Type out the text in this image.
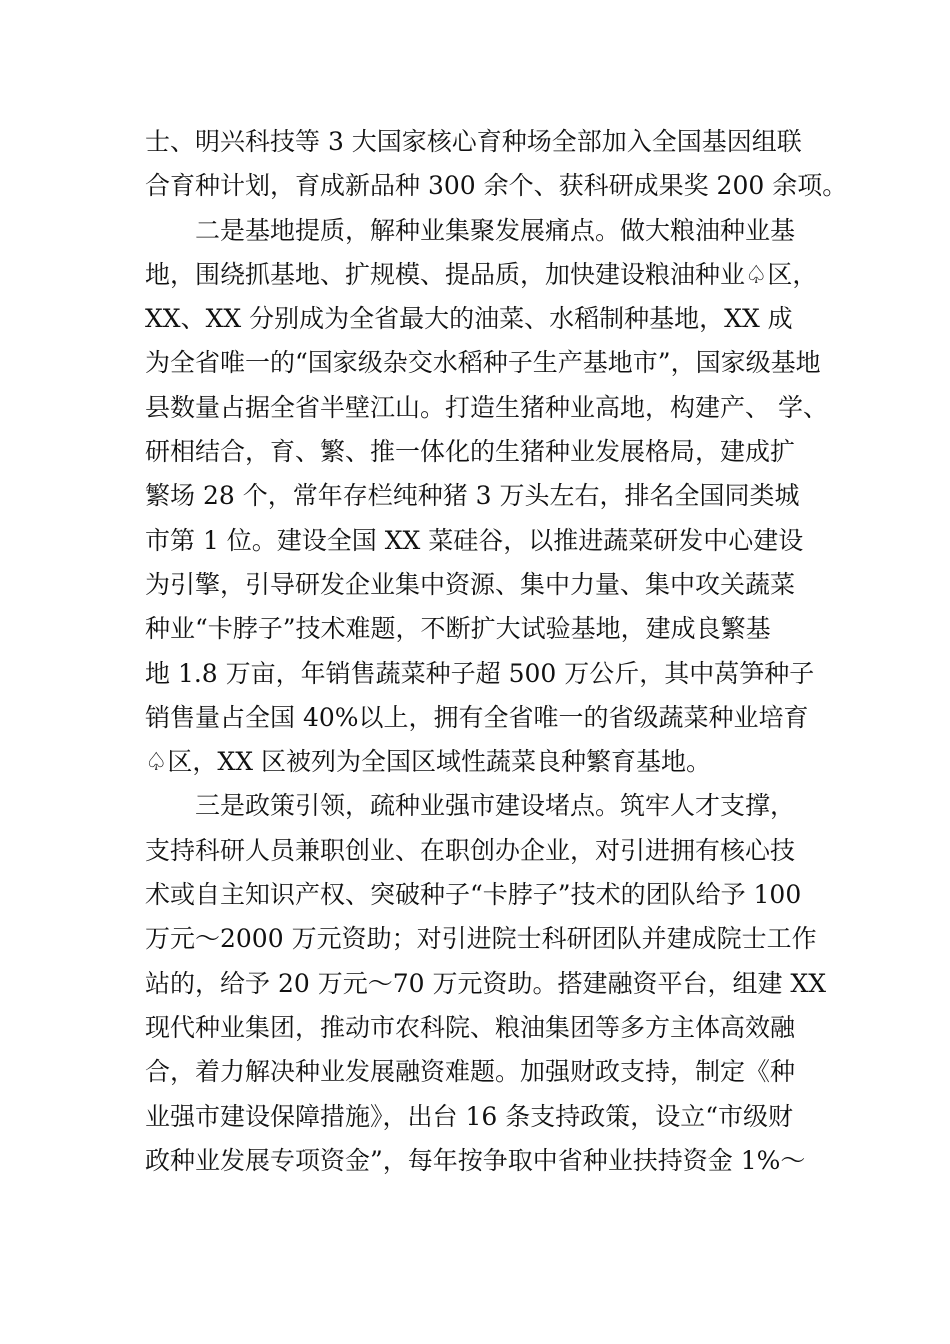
士、明兴科技等 3 大国家核心育种场全部加入全国基因组联
合育种计划，育成新品种 300 余个、获科研成果奖 200 余项。
二是基地提质，解种业集聚发展痛点。做大粮油种业基
地，围绕抓基地、扩规模、提品质，加快建设粮油种业♤区，
XX、XX 分别成为全省最大的油菜、水稻制种基地，XX 成
为全省唯一的“国家级杂交水稻种子生产基地市”，国家级基地
县数量占据全省半壁江山。打造生猪种业高地，构建产、 学、
研相结合，育、繁、推一体化的生猪种业发展格局，建成扩
繁场 28 个，常年存栏纯种猪 3 万头左右，排名全国同类城
市第 1 位。建设全国 XX 菜硅谷，以推进蔬菜研发中心建设
为引擎，引导研发企业集中资源、集中力量、集中攻关蔬菜
种业“卡脖子”技术难题，不断扩大试验基地，建成良繁基
地 1.8 万亩，年销售蔬菜种子超 500 万公斤，其中莴笋种子
销售量占全国 40%以上，拥有全省唯一的省级蔬菜种业培育
♤区，XX 区被列为全国区域性蔬菜良种繁育基地。
三是政策引领，疏种业强市建设堵点。筑牢人才支撑，
支持科研人员兼职创业、在职创办企业，对引进拥有核心技
术或自主知识产权、突破种子“卡脖子”技术的团队给予 100
万元～2000 万元资助；对引进院士科研团队并建成院士工作
站的，给予 20 万元～70 万元资助。搭建融资平台，组建 XX
现代种业集团，推动市农科院、粮油集团等多方主体高效融
合，着力解决种业发展融资难题。加强财政支持，制定《种
业强市建设保障措施》，出台 16 条支持政策，设立“市级财
政种业发展专项资金”，每年按争取中省种业扶持资金 1%～
